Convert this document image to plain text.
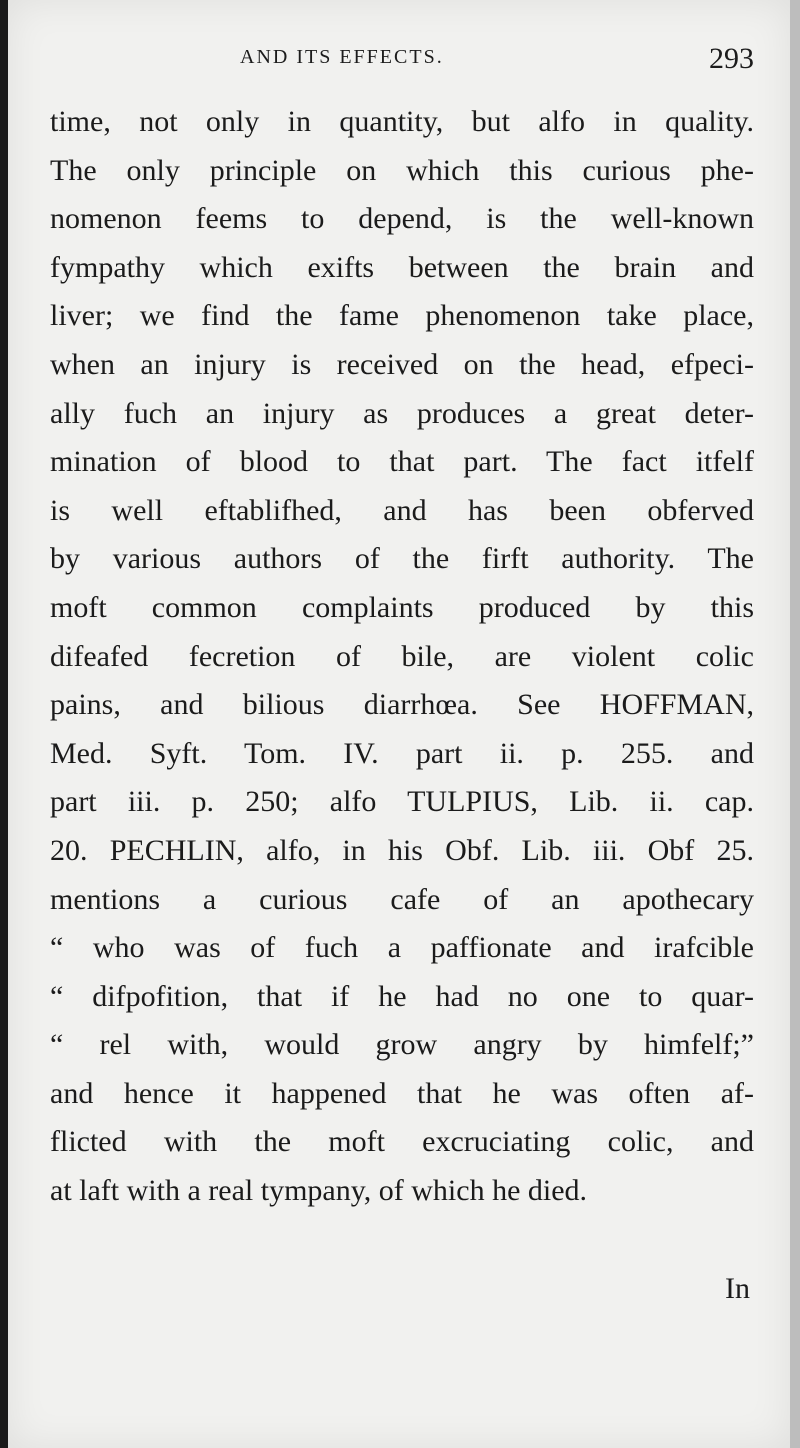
AND ITS EFFECTS.	293
time, not only in quantity, but alfo in quality.
The only principle on which this curious phe-
nomenon feems to depend, is the well-known
fympathy which exifts between the brain and
liver; we find the fame phenomenon take place,
when an injury is received on the head, efpeci-
ally fuch an injury as produces a great deter-
mination of blood to that part. The fact itfelf
is well eftablifhed, and has been obferved
by various authors of the firft authority. The
moft common complaints produced by this
difeafed fecretion of bile, are violent colic
pains, and bilious diarrhœa. See HOFFMAN,
Med. Syft. Tom. IV. part ii. p. 255. and
part iii. p. 250; alfo TULPIUS, Lib. ii. cap.
20. PECHLIN, alfo, in his Obf. Lib. iii. Obf 25.
mentions a curious cafe of an apothecary
“ who was of fuch a paffionate and irafcible
“ difpofition, that if he had no one to quar-
“ rel with, would grow angry by himfelf;”
and hence it happened that he was often af-
flicted with the moft excruciating colic, and
at laft with a real tympany, of which he died.
In
